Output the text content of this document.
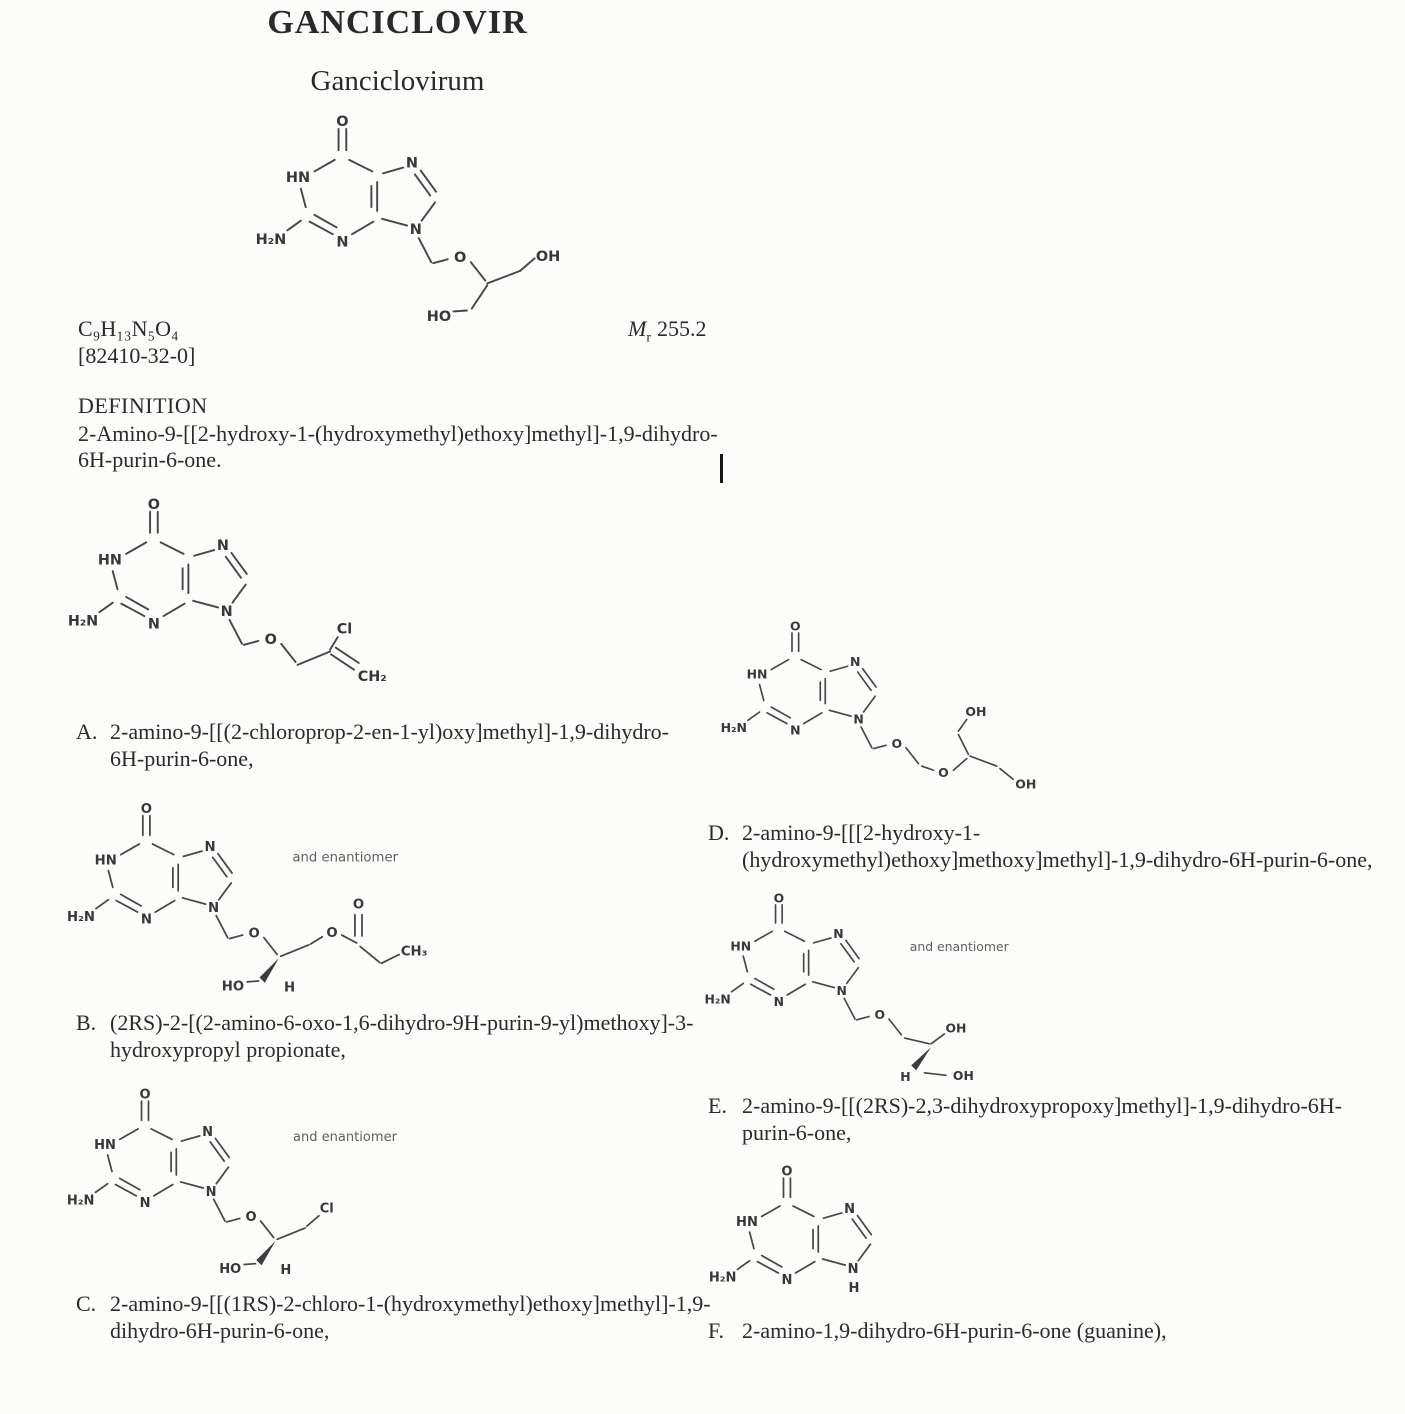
GANCICLOVIR
Ganciclovirum
O	OH
HO
C₉H₁₃N₅O₄	$M_r$ 255.2
[82410-32-0]
DEFINITION
2-Amino-9-[[2-hydroxy-1-(hydroxymethyl)ethoxy]methyl]-1,9-dihydro-6H-purin-6-one.
O
Cl
CH₂
A. 2-amino-9-[[(2-chloroprop-2-en-1-yl)oxy]methyl]-1,9-dihydro-6H-purin-6-one,
and enantiomer
O
HO	H
O
O
CH₃
B. (2RS)-2-[(2-amino-6-oxo-1,6-dihydro-9H-purin-9-yl)methoxy]-3-hydroxypropyl propionate,
and enantiomer
O
HO	H
Cl
C. 2-amino-9-[[(1RS)-2-chloro-1-(hydroxymethyl)ethoxy]methyl]-1,9-dihydro-6H-purin-6-one,
O
O
OH
OH
D. 2-amino-9-[[[2-hydroxy-1-(hydroxymethyl)ethoxy]methoxy]methyl]-1,9-dihydro-6H-purin-6-one,
and enantiomer
O
OH
H	OH
E. 2-amino-9-[[(2RS)-2,3-dihydroxypropoxy]methyl]-1,9-dihydro-6H-purin-6-one,
H
F. 2-amino-1,9-dihydro-6H-purin-6-one (guanine),
